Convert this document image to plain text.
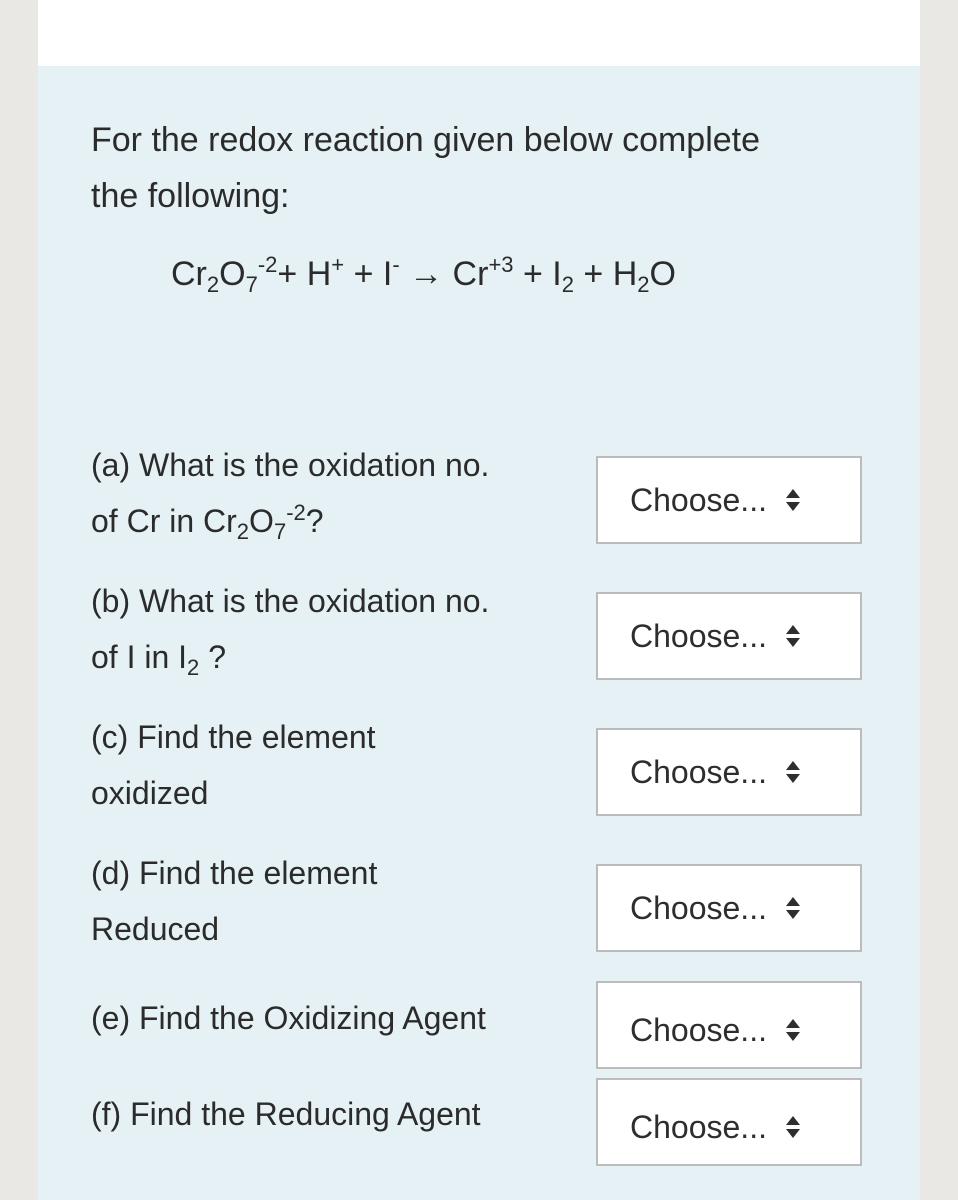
For the redox reaction given below complete
the following:

$Cr_2O_7^{-2}+ H^+ + I^- \to Cr^{+3} + I_2 + H_2O$
(a) What is the oxidation no.
of Cr in $Cr_2O_7^{-2}$?
Choose...
(b) What is the oxidation no.
of I in $I_2$ ?
Choose...
(c) Find the element
oxidized
Choose...
(d) Find the element
Reduced
Choose...
(e) Find the Oxidizing Agent	Choose...
(f) Find the Reducing Agent	Choose...
